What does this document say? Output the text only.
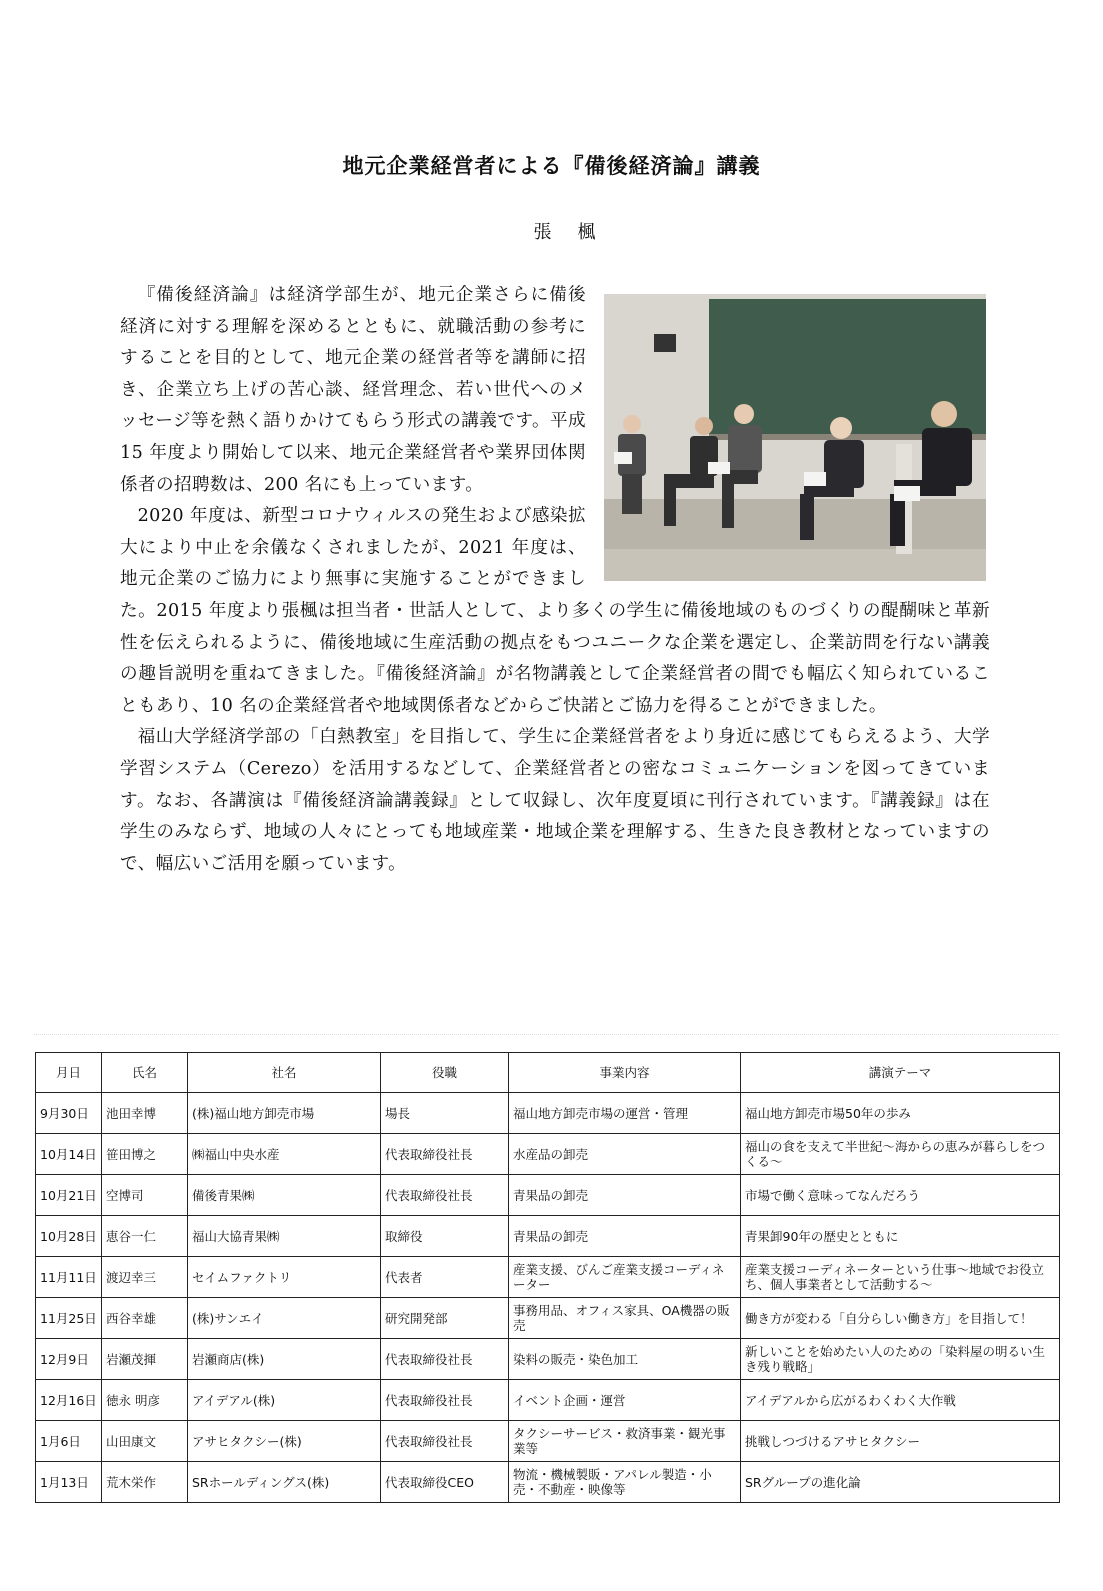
地元企業経営者による『備後経済論』講義

張楓

『備後経済論』は経済学部生が、地元企業さらに備後経済に対する理解を深めるとともに、就職活動の参考にすることを目的として、地元企業の経営者等を講師に招き、企業立ち上げの苦心談、経営理念、若い世代へのメッセージ等を熱く語りかけてもらう形式の講義です。平成15 年度より開始して以来、地元企業経営者や業界団体関係者の招聘数は、200 名にも上っています。

2020 年度は、新型コロナウィルスの発生および感染拡大により中止を余儀なくされましたが、2021 年度は、地元企業のご協力により無事に実施することができました。2015 年度より張楓は担当者・世話人として、より多くの学生に備後地域のものづくりの醍醐味と革新性を伝えられるように、備後地域に生産活動の拠点をもつユニークな企業を選定し、企業訪問を行ない講義の趣旨説明を重ねてきました。『備後経済論』が名物講義として企業経営者の間でも幅広く知られていることもあり、10 名の企業経営者や地域関係者などからご快諾とご協力を得ることができました。

福山大学経済学部の「白熱教室」を目指して、学生に企業経営者をより身近に感じてもらえるよう、大学学習システム（Cerezo）を活用するなどして、企業経営者との密なコミュニケーションを図ってきています。なお、各講演は『備後経済論講義録』として収録し、次年度夏頃に刊行されています。『講義録』は在学生のみならず、地域の人々にとっても地域産業・地域企業を理解する、生きた良き教材となっていますので、幅広いご活用を願っています。

月日	氏名	社名	役職	事業内容	講演テーマ
9月30日	池田幸博	(株)福山地方卸売市場	場長	福山地方卸売市場の運営・管理	福山地方卸売市場50年の歩み
10月14日	笹田博之	㈱福山中央水産	代表取締役社長	水産品の卸売	福山の食を支えて半世紀～海からの恵みが暮らしをつくる～
10月21日	空博司	備後青果㈱	代表取締役社長	青果品の卸売	市場で働く意味ってなんだろう
10月28日	恵谷一仁	福山大協青果㈱	取締役	青果品の卸売	青果卸90年の歴史とともに
11月11日	渡辺幸三	セイムファクトリ	代表者	産業支援、びんご産業支援コーディネーター	産業支援コーディネーターという仕事～地域でお役立ち、個人事業者として活動する～
11月25日	西谷幸雄	(株)サンエイ	研究開発部	事務用品、オフィス家具、OA機器の販売	働き方が変わる「自分らしい働き方」を目指して！
12月9日	岩瀬茂揮	岩瀬商店(株)	代表取締役社長	染料の販売・染色加工	新しいことを始めたい人のための「染料屋の明るい生き残り戦略」
12月16日	徳永 明彦	アイデアル(株)	代表取締役社長	イベント企画・運営	アイデアルから広がるわくわく大作戦
1月6日	山田康文	アサヒタクシー(株)	代表取締役社長	タクシーサービス・救済事業・観光事業等	挑戦しつづけるアサヒタクシー
1月13日	荒木栄作	SRホールディングス(株)	代表取締役CEO	物流・機械製販・アパレル製造・小売・不動産・映像等	SRグループの進化論
